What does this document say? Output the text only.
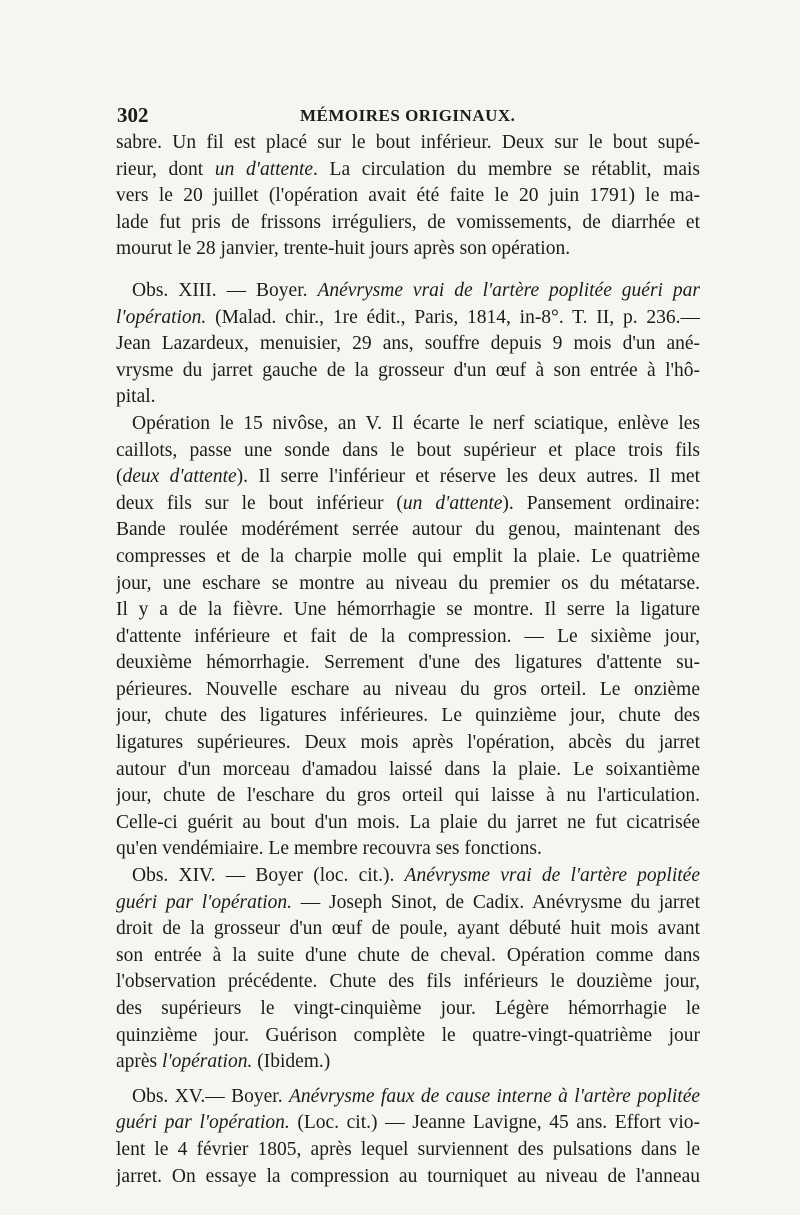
302	MÉMOIRES ORIGINAUX.
sabre. Un fil est placé sur le bout inférieur. Deux sur le bout supé-
rieur, dont un d'attente. La circulation du membre se rétablit, mais
vers le 20 juillet (l'opération avait été faite le 20 juin 1791) le ma-
lade fut pris de frissons irréguliers, de vomissements, de diarrhée et
mourut le 28 janvier, trente-huit jours après son opération.
Obs. XIII. — Boyer. Anévrysme vrai de l'artère poplitée guéri par
l'opération. (Malad. chir., 1re édit., Paris, 1814, in-8°. T. II, p. 236.—
Jean Lazardeux, menuisier, 29 ans, souffre depuis 9 mois d'un ané-
vrysme du jarret gauche de la grosseur d'un œuf à son entrée à l'hô-
pital.
Opération le 15 nivôse, an V. Il écarte le nerf sciatique, enlève les
caillots, passe une sonde dans le bout supérieur et place trois fils
(deux d'attente). Il serre l'inférieur et réserve les deux autres. Il met
deux fils sur le bout inférieur (un d'attente). Pansement ordinaire:
Bande roulée modérément serrée autour du genou, maintenant des
compresses et de la charpie molle qui emplit la plaie. Le quatrième
jour, une eschare se montre au niveau du premier os du métatarse.
Il y a de la fièvre. Une hémorrhagie se montre. Il serre la ligature
d'attente inférieure et fait de la compression. — Le sixième jour,
deuxième hémorrhagie. Serrement d'une des ligatures d'attente su-
périeures. Nouvelle eschare au niveau du gros orteil. Le onzième
jour, chute des ligatures inférieures. Le quinzième jour, chute des
ligatures supérieures. Deux mois après l'opération, abcès du jarret
autour d'un morceau d'amadou laissé dans la plaie. Le soixantième
jour, chute de l'eschare du gros orteil qui laisse à nu l'articulation.
Celle-ci guérit au bout d'un mois. La plaie du jarret ne fut cicatrisée
qu'en vendémiaire. Le membre recouvra ses fonctions.
Obs. XIV. — Boyer (loc. cit.). Anévrysme vrai de l'artère poplitée
guéri par l'opération. — Joseph Sinot, de Cadix. Anévrysme du jarret
droit de la grosseur d'un œuf de poule, ayant débuté huit mois avant
son entrée à la suite d'une chute de cheval. Opération comme dans
l'observation précédente. Chute des fils inférieurs le douzième jour,
des supérieurs le vingt-cinquième jour. Légère hémorrhagie le
quinzième jour. Guérison complète le quatre-vingt-quatrième jour
après l'opération. (Ibidem.)
Obs. XV.— Boyer. Anévrysme faux de cause interne à l'artère poplitée
guéri par l'opération. (Loc. cit.) — Jeanne Lavigne, 45 ans. Effort vio-
lent le 4 février 1805, après lequel surviennent des pulsations dans le
jarret. On essaye la compression au tourniquet au niveau de l'anneau
